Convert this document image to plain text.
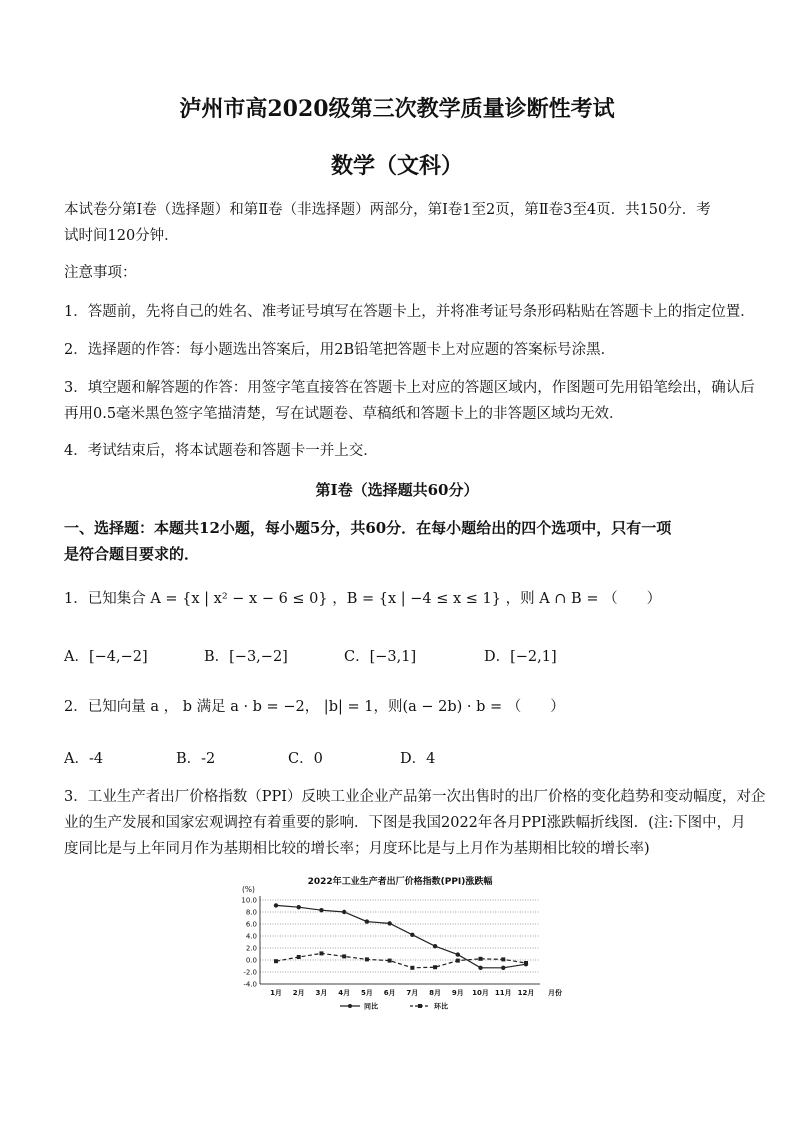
泸州市高2020级第三次教学质量诊断性考试
数学（文科）
本试卷分第Ⅰ卷（选择题）和第Ⅱ卷（非选择题）两部分，第Ⅰ卷1至2页，第Ⅱ卷3至4页．共150分．考
试时间120分钟．
注意事项：
1．答题前，先将自己的姓名、准考证号填写在答题卡上，并将准考证号条形码粘贴在答题卡上的指定位置．
2．选择题的作答：每小题选出答案后，用2B铅笔把答题卡上对应题的答案标号涂黑．
3．填空题和解答题的作答：用签字笔直接答在答题卡上对应的答题区域内，作图题可先用铅笔绘出，确认后
再用0.5毫米黑色签字笔描清楚，写在试题卷、草稿纸和答题卡上的非答题区域均无效．
4．考试结束后，将本试题卷和答题卡一并上交．
第Ⅰ卷（选择题共60分）
一、选择题：本题共12小题，每小题5分，共60分．在每小题给出的四个选项中，只有一项
是符合题目要求的．
1．已知集合 A = {x | x² − x − 6 ≤ 0} ，B = {x | −4 ≤ x ≤ 1} ，则 A ∩ B = （　　）
A．[−4,−2]	B．[−3,−2]	C．[−3,1]	D．[−2,1]
2．已知向量 a ， b 满足 a · b = −2， |b| = 1，则(a − 2b) · b = （　　）
A．-4	B．-2	C．0	D．4
3．工业生产者出厂价格指数（PPI）反映工业企业产品第一次出售时的出厂价格的变化趋势和变动幅度，对企
业的生产发展和国家宏观调控有着重要的影响．下图是我国2022年各月PPI涨跌幅折线图．(注:下图中，月
度同比是与上年同月作为基期相比较的增长率；月度环比是与上月作为基期相比较的增长率)
2022年工业生产者出厂价格指数(PPI)涨跌幅
(%)
10.0
8.0
6.0
4.0
2.0
0.0
-2.0
-4.0
1月 2月 3月 4月 5月 6月 7月 8月 9月 10月 11月 12月 月份
同比	环比
